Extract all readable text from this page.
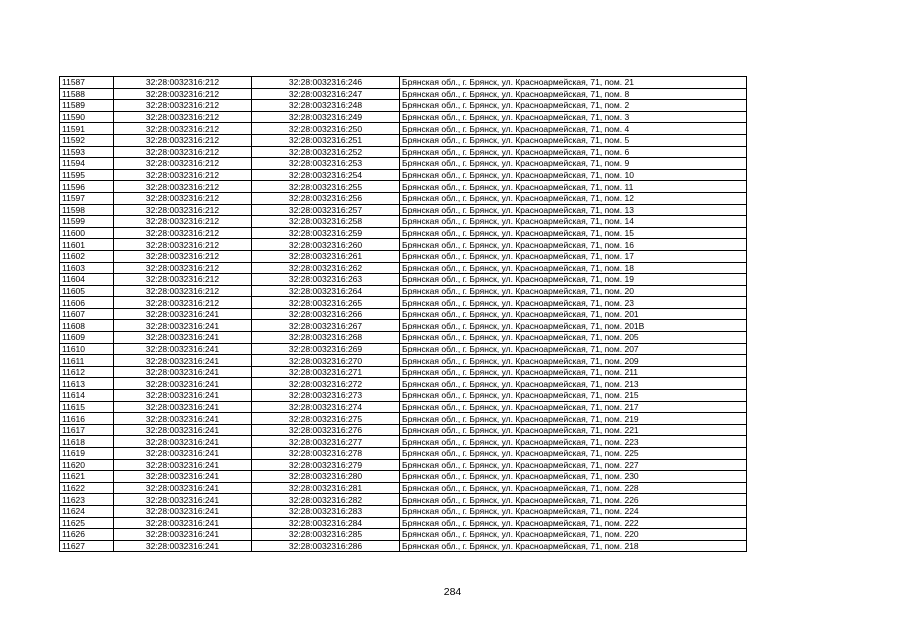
11587	32:28:0032316:212	32:28:0032316:246	Брянская обл., г. Брянск, ул. Красноармейская, 71, пом. 21
11588	32:28:0032316:212	32:28:0032316:247	Брянская обл., г. Брянск, ул. Красноармейская, 71, пом. 8
11589	32:28:0032316:212	32:28:0032316:248	Брянская обл., г. Брянск, ул. Красноармейская, 71, пом. 2
11590	32:28:0032316:212	32:28:0032316:249	Брянская обл., г. Брянск, ул. Красноармейская, 71, пом. 3
11591	32:28:0032316:212	32:28:0032316:250	Брянская обл., г. Брянск, ул. Красноармейская, 71, пом. 4
11592	32:28:0032316:212	32:28:0032316:251	Брянская обл., г. Брянск, ул. Красноармейская, 71, пом. 5
11593	32:28:0032316:212	32:28:0032316:252	Брянская обл., г. Брянск, ул. Красноармейская, 71, пом. 6
11594	32:28:0032316:212	32:28:0032316:253	Брянская обл., г. Брянск, ул. Красноармейская, 71, пом. 9
11595	32:28:0032316:212	32:28:0032316:254	Брянская обл., г. Брянск, ул. Красноармейская, 71, пом. 10
11596	32:28:0032316:212	32:28:0032316:255	Брянская обл., г. Брянск, ул. Красноармейская, 71, пом. 11
11597	32:28:0032316:212	32:28:0032316:256	Брянская обл., г. Брянск, ул. Красноармейская, 71, пом. 12
11598	32:28:0032316:212	32:28:0032316:257	Брянская обл., г. Брянск, ул. Красноармейская, 71, пом. 13
11599	32:28:0032316:212	32:28:0032316:258	Брянская обл., г. Брянск, ул. Красноармейская, 71, пом. 14
11600	32:28:0032316:212	32:28:0032316:259	Брянская обл., г. Брянск, ул. Красноармейская, 71, пом. 15
11601	32:28:0032316:212	32:28:0032316:260	Брянская обл., г. Брянск, ул. Красноармейская, 71, пом. 16
11602	32:28:0032316:212	32:28:0032316:261	Брянская обл., г. Брянск, ул. Красноармейская, 71, пом. 17
11603	32:28:0032316:212	32:28:0032316:262	Брянская обл., г. Брянск, ул. Красноармейская, 71, пом. 18
11604	32:28:0032316:212	32:28:0032316:263	Брянская обл., г. Брянск, ул. Красноармейская, 71, пом. 19
11605	32:28:0032316:212	32:28:0032316:264	Брянская обл., г. Брянск, ул. Красноармейская, 71, пом. 20
11606	32:28:0032316:212	32:28:0032316:265	Брянская обл., г. Брянск, ул. Красноармейская, 71, пом. 23
11607	32:28:0032316:241	32:28:0032316:266	Брянская обл., г. Брянск, ул. Красноармейская, 71, пом. 201
11608	32:28:0032316:241	32:28:0032316:267	Брянская обл., г. Брянск, ул. Красноармейская, 71, пом. 201В
11609	32:28:0032316:241	32:28:0032316:268	Брянская обл., г. Брянск, ул. Красноармейская, 71, пом. 205
11610	32:28:0032316:241	32:28:0032316:269	Брянская обл., г. Брянск, ул. Красноармейская, 71, пом. 207
11611	32:28:0032316:241	32:28:0032316:270	Брянская обл., г. Брянск, ул. Красноармейская, 71, пом. 209
11612	32:28:0032316:241	32:28:0032316:271	Брянская обл., г. Брянск, ул. Красноармейская, 71, пом. 211
11613	32:28:0032316:241	32:28:0032316:272	Брянская обл., г. Брянск, ул. Красноармейская, 71, пом. 213
11614	32:28:0032316:241	32:28:0032316:273	Брянская обл., г. Брянск, ул. Красноармейская, 71, пом. 215
11615	32:28:0032316:241	32:28:0032316:274	Брянская обл., г. Брянск, ул. Красноармейская, 71, пом. 217
11616	32:28:0032316:241	32:28:0032316:275	Брянская обл., г. Брянск, ул. Красноармейская, 71, пом. 219
11617	32:28:0032316:241	32:28:0032316:276	Брянская обл., г. Брянск, ул. Красноармейская, 71, пом. 221
11618	32:28:0032316:241	32:28:0032316:277	Брянская обл., г. Брянск, ул. Красноармейская, 71, пом. 223
11619	32:28:0032316:241	32:28:0032316:278	Брянская обл., г. Брянск, ул. Красноармейская, 71, пом. 225
11620	32:28:0032316:241	32:28:0032316:279	Брянская обл., г. Брянск, ул. Красноармейская, 71, пом. 227
11621	32:28:0032316:241	32:28:0032316:280	Брянская обл., г. Брянск, ул. Красноармейская, 71, пом. 230
11622	32:28:0032316:241	32:28:0032316:281	Брянская обл., г. Брянск, ул. Красноармейская, 71, пом. 228
11623	32:28:0032316:241	32:28:0032316:282	Брянская обл., г. Брянск, ул. Красноармейская, 71, пом. 226
11624	32:28:0032316:241	32:28:0032316:283	Брянская обл., г. Брянск, ул. Красноармейская, 71, пом. 224
11625	32:28:0032316:241	32:28:0032316:284	Брянская обл., г. Брянск, ул. Красноармейская, 71, пом. 222
11626	32:28:0032316:241	32:28:0032316:285	Брянская обл., г. Брянск, ул. Красноармейская, 71, пом. 220
11627	32:28:0032316:241	32:28:0032316:286	Брянская обл., г. Брянск, ул. Красноармейская, 71, пом. 218
284
